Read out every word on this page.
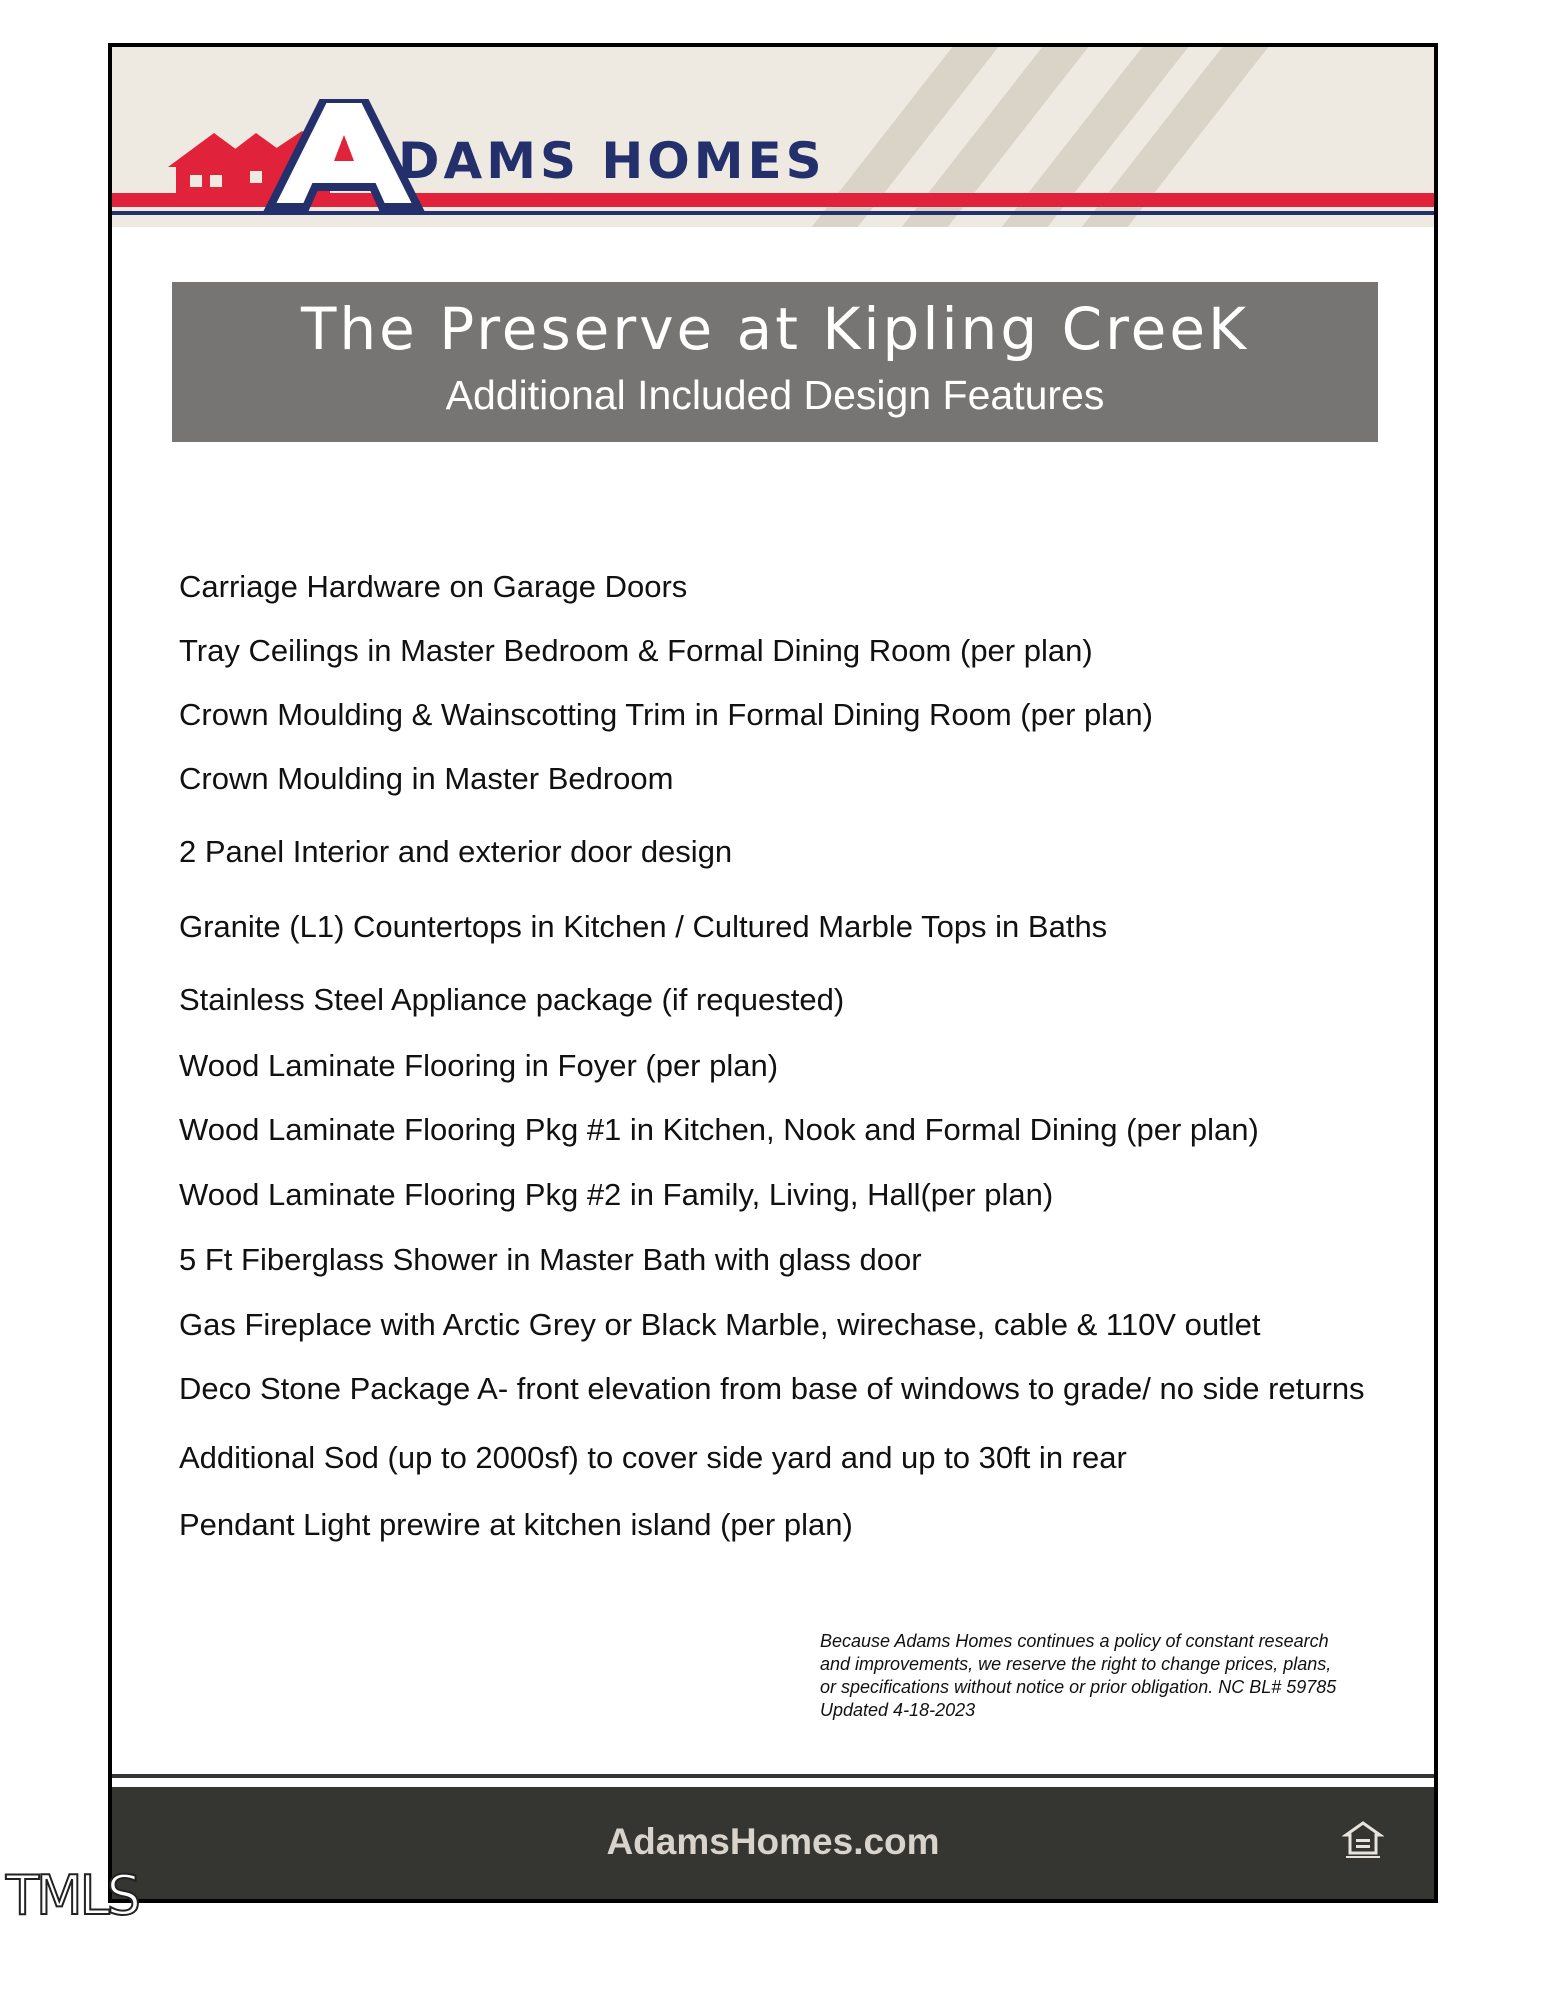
A
DAMS HOMES
The Preserve at Kipling CreeK
Additional Included Design Features
Carriage Hardware on Garage Doors
Tray Ceilings in Master Bedroom & Formal Dining Room (per plan)
Crown Moulding & Wainscotting Trim in Formal Dining Room (per plan)
Crown Moulding in Master Bedroom
2 Panel Interior and exterior door design
Granite (L1) Countertops in Kitchen / Cultured Marble Tops in Baths
Stainless Steel Appliance package (if requested)
Wood Laminate Flooring in Foyer (per plan)
Wood Laminate Flooring Pkg #1 in Kitchen, Nook and Formal Dining (per plan)
Wood Laminate Flooring Pkg #2 in Family, Living, Hall(per plan)
5 Ft Fiberglass Shower in Master Bath with glass door
Gas Fireplace with Arctic Grey or Black Marble, wirechase, cable & 110V outlet
Deco Stone Package A- front elevation from base of windows to grade/ no side returns
Additional Sod (up to 2000sf) to cover side yard and up to 30ft in rear
Pendant Light prewire at kitchen island (per plan)
Because Adams Homes continues a policy of constant research
and improvements, we reserve the right to change prices, plans,
or specifications without notice or prior obligation. NC BL# 59785
Updated 4-18-2023
AdamsHomes.com
TMLS
